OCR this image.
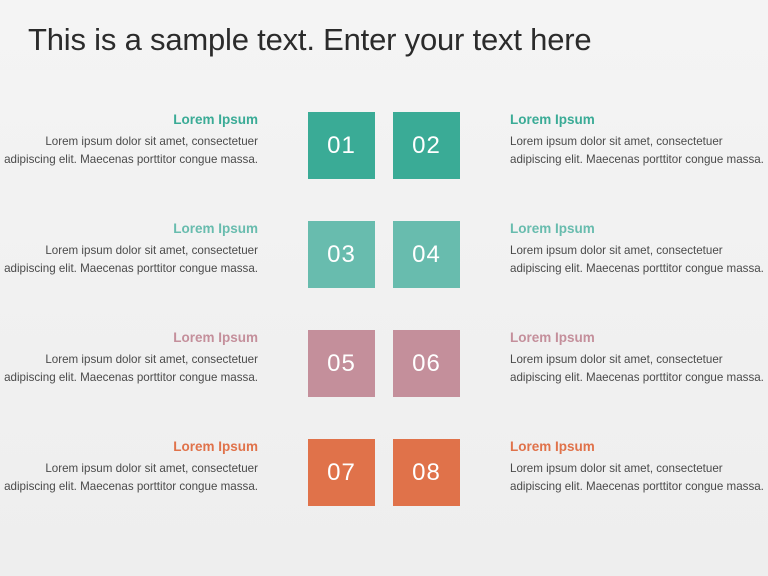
This is a sample text. Enter your text here

Lorem Ipsum

Lorem ipsum dolor sit amet, consectetuer adipiscing elit. Maecenas porttitor congue massa.

01	02

Lorem Ipsum

Lorem ipsum dolor sit amet, consectetuer adipiscing elit. Maecenas porttitor congue massa.

Lorem Ipsum

Lorem ipsum dolor sit amet, consectetuer adipiscing elit. Maecenas porttitor congue massa.

03	04

Lorem Ipsum

Lorem ipsum dolor sit amet, consectetuer adipiscing elit. Maecenas porttitor congue massa.

Lorem Ipsum

Lorem ipsum dolor sit amet, consectetuer adipiscing elit. Maecenas porttitor congue massa.

05	06

Lorem Ipsum

Lorem ipsum dolor sit amet, consectetuer adipiscing elit. Maecenas porttitor congue massa.

Lorem Ipsum

Lorem ipsum dolor sit amet, consectetuer adipiscing elit. Maecenas porttitor congue massa.

07	08

Lorem Ipsum

Lorem ipsum dolor sit amet, consectetuer adipiscing elit. Maecenas porttitor congue massa.
